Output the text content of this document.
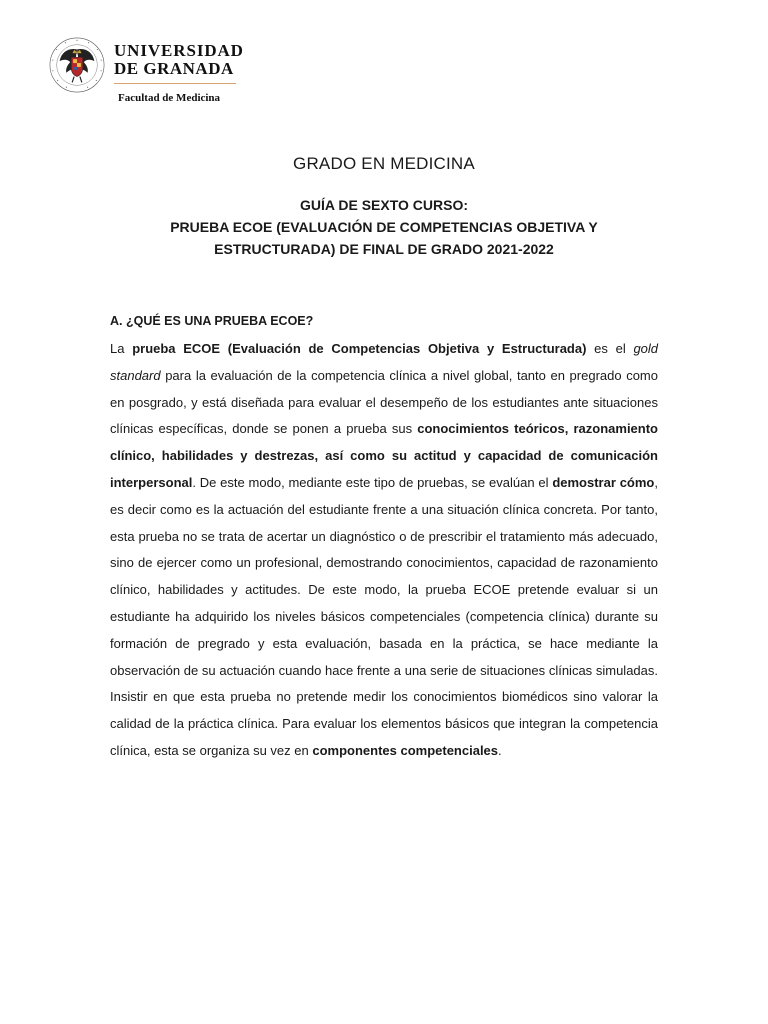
UNIVERSIDAD
DE GRANADA
Facultad de Medicina
GRADO EN MEDICINA
GUÍA DE SEXTO CURSO:
PRUEBA ECOE (EVALUACIÓN DE COMPETENCIAS OBJETIVA Y
ESTRUCTURADA) DE FINAL DE GRADO 2021-2022
A. ¿QUÉ ES UNA PRUEBA ECOE?

La prueba ECOE (Evaluación de Competencias Objetiva y Estructurada) es el gold standard para la evaluación de la competencia clínica a nivel global, tanto en pregrado como en posgrado, y está diseñada para evaluar el desempeño de los estudiantes ante situaciones clínicas específicas, donde se ponen a prueba sus conocimientos teóricos, razonamiento clínico, habilidades y destrezas, así como su actitud y capacidad de comunicación interpersonal. De este modo, mediante este tipo de pruebas, se evalúan el demostrar cómo, es decir como es la actuación del estudiante frente a una situación clínica concreta. Por tanto, esta prueba no se trata de acertar un diagnóstico o de prescribir el tratamiento más adecuado, sino de ejercer como un profesional, demostrando conocimientos, capacidad de razonamiento clínico, habilidades y actitudes. De este modo, la prueba ECOE pretende evaluar si un estudiante ha adquirido los niveles básicos competenciales (competencia clínica) durante su formación de pregrado y esta evaluación, basada en la práctica, se hace mediante la observación de su actuación cuando hace frente a una serie de situaciones clínicas simuladas. Insistir en que esta prueba no pretende medir los conocimientos biomédicos sino valorar la calidad de la práctica clínica. Para evaluar los elementos básicos que integran la competencia clínica, esta se organiza su vez en componentes competenciales.
